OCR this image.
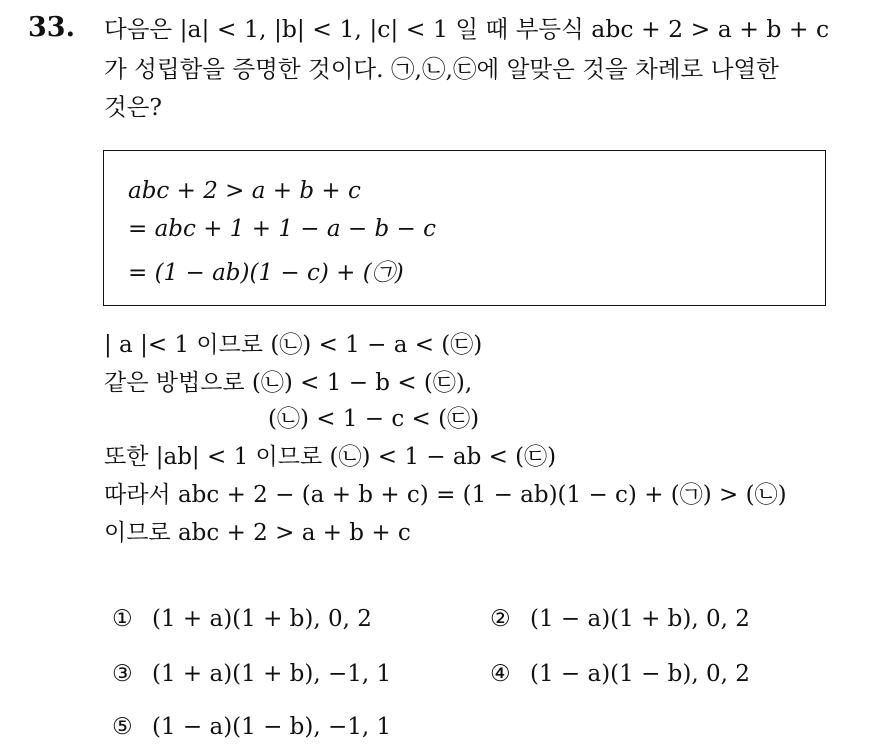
33. 다음은 |a| < 1, |b| < 1, |c| < 1 일 때 부등식 abc + 2 > a + b + c
가 성립함을 증명한 것이다. ㉠,㉡,㉢에 알맞은 것을 차례로 나열한
것은?
abc + 2 > a + b + c
= abc + 1 + 1 − a − b − c
= (1 − ab)(1 − c) + (㉠)
| a |< 1 이므로 (㉡) < 1 − a < (㉢)
같은 방법으로 (㉡) < 1 − b < (㉢),
(㉡) < 1 − c < (㉢)
또한 |ab| < 1 이므로 (㉡) < 1 − ab < (㉢)
따라서 abc + 2 − (a + b + c) = (1 − ab)(1 − c) + (㉠) > (㉡)
이므로 abc + 2 > a + b + c
① (1 + a)(1 + b), 0, 2	② (1 − a)(1 + b), 0, 2
③ (1 + a)(1 + b), −1, 1	④ (1 − a)(1 − b), 0, 2
⑤ (1 − a)(1 − b), −1, 1
